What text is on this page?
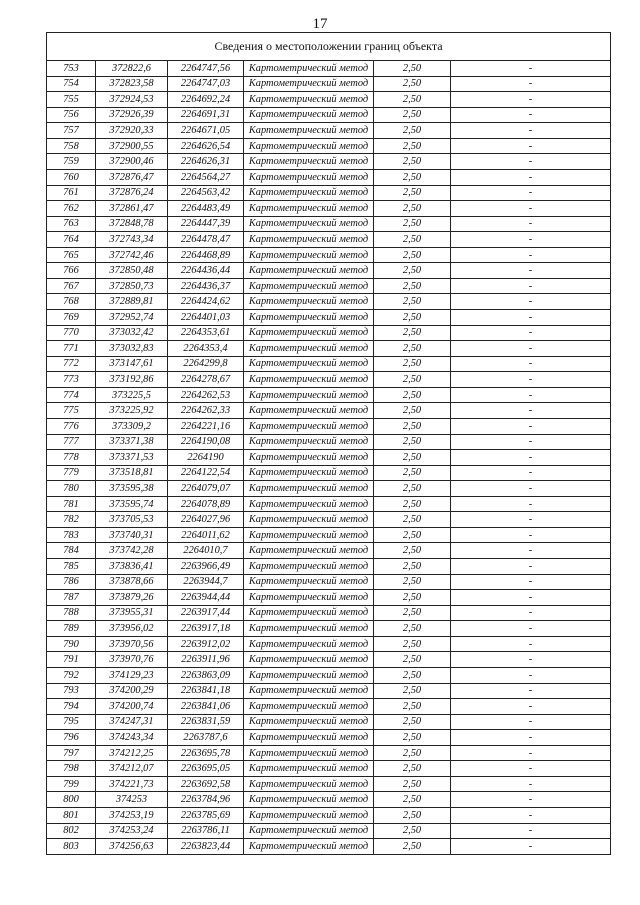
17
Сведения о местоположении границ объекта					
753	372822,6	2264747,56	Картометрический метод	2,50	-
754	372823,58	2264747,03	Картометрический метод	2,50	-
755	372924,53	2264692,24	Картометрический метод	2,50	-
756	372926,39	2264691,31	Картометрический метод	2,50	-
757	372920,33	2264671,05	Картометрический метод	2,50	-
758	372900,55	2264626,54	Картометрический метод	2,50	-
759	372900,46	2264626,31	Картометрический метод	2,50	-
760	372876,47	2264564,27	Картометрический метод	2,50	-
761	372876,24	2264563,42	Картометрический метод	2,50	-
762	372861,47	2264483,49	Картометрический метод	2,50	-
763	372848,78	2264447,39	Картометрический метод	2,50	-
764	372743,34	2264478,47	Картометрический метод	2,50	-
765	372742,46	2264468,89	Картометрический метод	2,50	-
766	372850,48	2264436,44	Картометрический метод	2,50	-
767	372850,73	2264436,37	Картометрический метод	2,50	-
768	372889,81	2264424,62	Картометрический метод	2,50	-
769	372952,74	2264401,03	Картометрический метод	2,50	-
770	373032,42	2264353,61	Картометрический метод	2,50	-
771	373032,83	2264353,4	Картометрический метод	2,50	-
772	373147,61	2264299,8	Картометрический метод	2,50	-
773	373192,86	2264278,67	Картометрический метод	2,50	-
774	373225,5	2264262,53	Картометрический метод	2,50	-
775	373225,92	2264262,33	Картометрический метод	2,50	-
776	373309,2	2264221,16	Картометрический метод	2,50	-
777	373371,38	2264190,08	Картометрический метод	2,50	-
778	373371,53	2264190	Картометрический метод	2,50	-
779	373518,81	2264122,54	Картометрический метод	2,50	-
780	373595,38	2264079,07	Картометрический метод	2,50	-
781	373595,74	2264078,89	Картометрический метод	2,50	-
782	373705,53	2264027,96	Картометрический метод	2,50	-
783	373740,31	2264011,62	Картометрический метод	2,50	-
784	373742,28	2264010,7	Картометрический метод	2,50	-
785	373836,41	2263966,49	Картометрический метод	2,50	-
786	373878,66	2263944,7	Картометрический метод	2,50	-
787	373879,26	2263944,44	Картометрический метод	2,50	-
788	373955,31	2263917,44	Картометрический метод	2,50	-
789	373956,02	2263917,18	Картометрический метод	2,50	-
790	373970,56	2263912,02	Картометрический метод	2,50	-
791	373970,76	2263911,96	Картометрический метод	2,50	-
792	374129,23	2263863,09	Картометрический метод	2,50	-
793	374200,29	2263841,18	Картометрический метод	2,50	-
794	374200,74	2263841,06	Картометрический метод	2,50	-
795	374247,31	2263831,59	Картометрический метод	2,50	-
796	374243,34	2263787,6	Картометрический метод	2,50	-
797	374212,25	2263695,78	Картометрический метод	2,50	-
798	374212,07	2263695,05	Картометрический метод	2,50	-
799	374221,73	2263692,58	Картометрический метод	2,50	-
800	374253	2263784,96	Картометрический метод	2,50	-
801	374253,19	2263785,69	Картометрический метод	2,50	-
802	374253,24	2263786,11	Картометрический метод	2,50	-
803	374256,63	2263823,44	Картометрический метод	2,50	-
